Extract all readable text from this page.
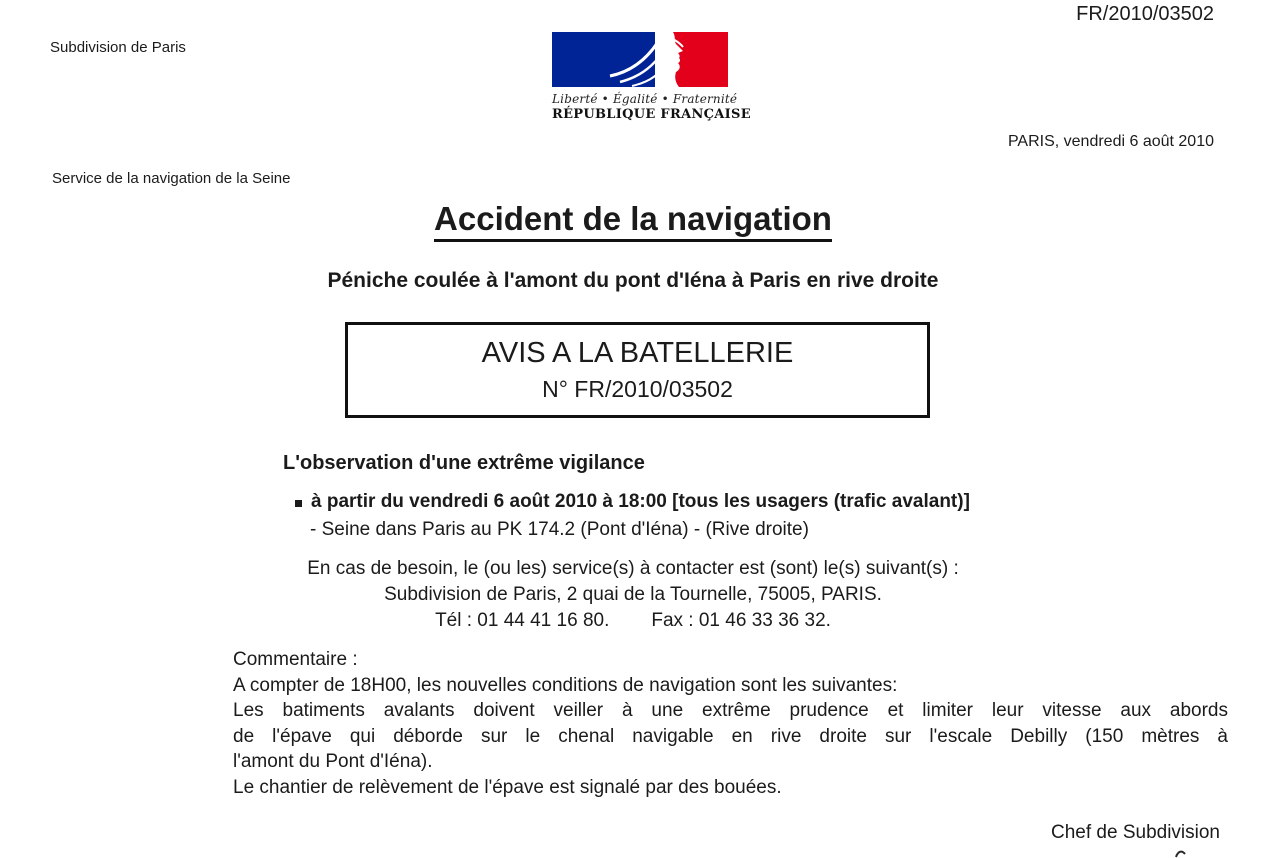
FR/2010/03502
Subdivision de Paris
Liberté • Égalité • Fraternité
RÉPUBLIQUE FRANÇAISE
PARIS, vendredi 6 août 2010
Service de la navigation de la Seine
Accident de la navigation
Péniche coulée à l'amont du pont d'Iéna à Paris en rive droite
AVIS A LA BATELLERIE
N° FR/2010/03502
L'observation d'une extrême vigilance
à partir du vendredi 6 août 2010 à 18:00 [tous les usagers (trafic avalant)]
- Seine dans Paris au PK 174.2 (Pont d'Iéna) - (Rive droite)
En cas de besoin, le (ou les) service(s) à contacter est (sont) le(s) suivant(s) :
Subdivision de Paris, 2 quai de la Tournelle, 75005, PARIS.
Tél : 01 44 41 16 80. Fax : 01 46 33 36 32.
Commentaire :
A compter de 18H00, les nouvelles conditions de navigation sont les suivantes:
Les batiments avalants doivent veiller à une extrême prudence et limiter leur vitesse aux abords
de l'épave qui déborde sur le chenal navigable en rive droite sur l'escale Debilly (150 mètres à
l'amont du Pont d'Iéna).
Le chantier de relèvement de l'épave est signalé par des bouées.
Chef de Subdivision
